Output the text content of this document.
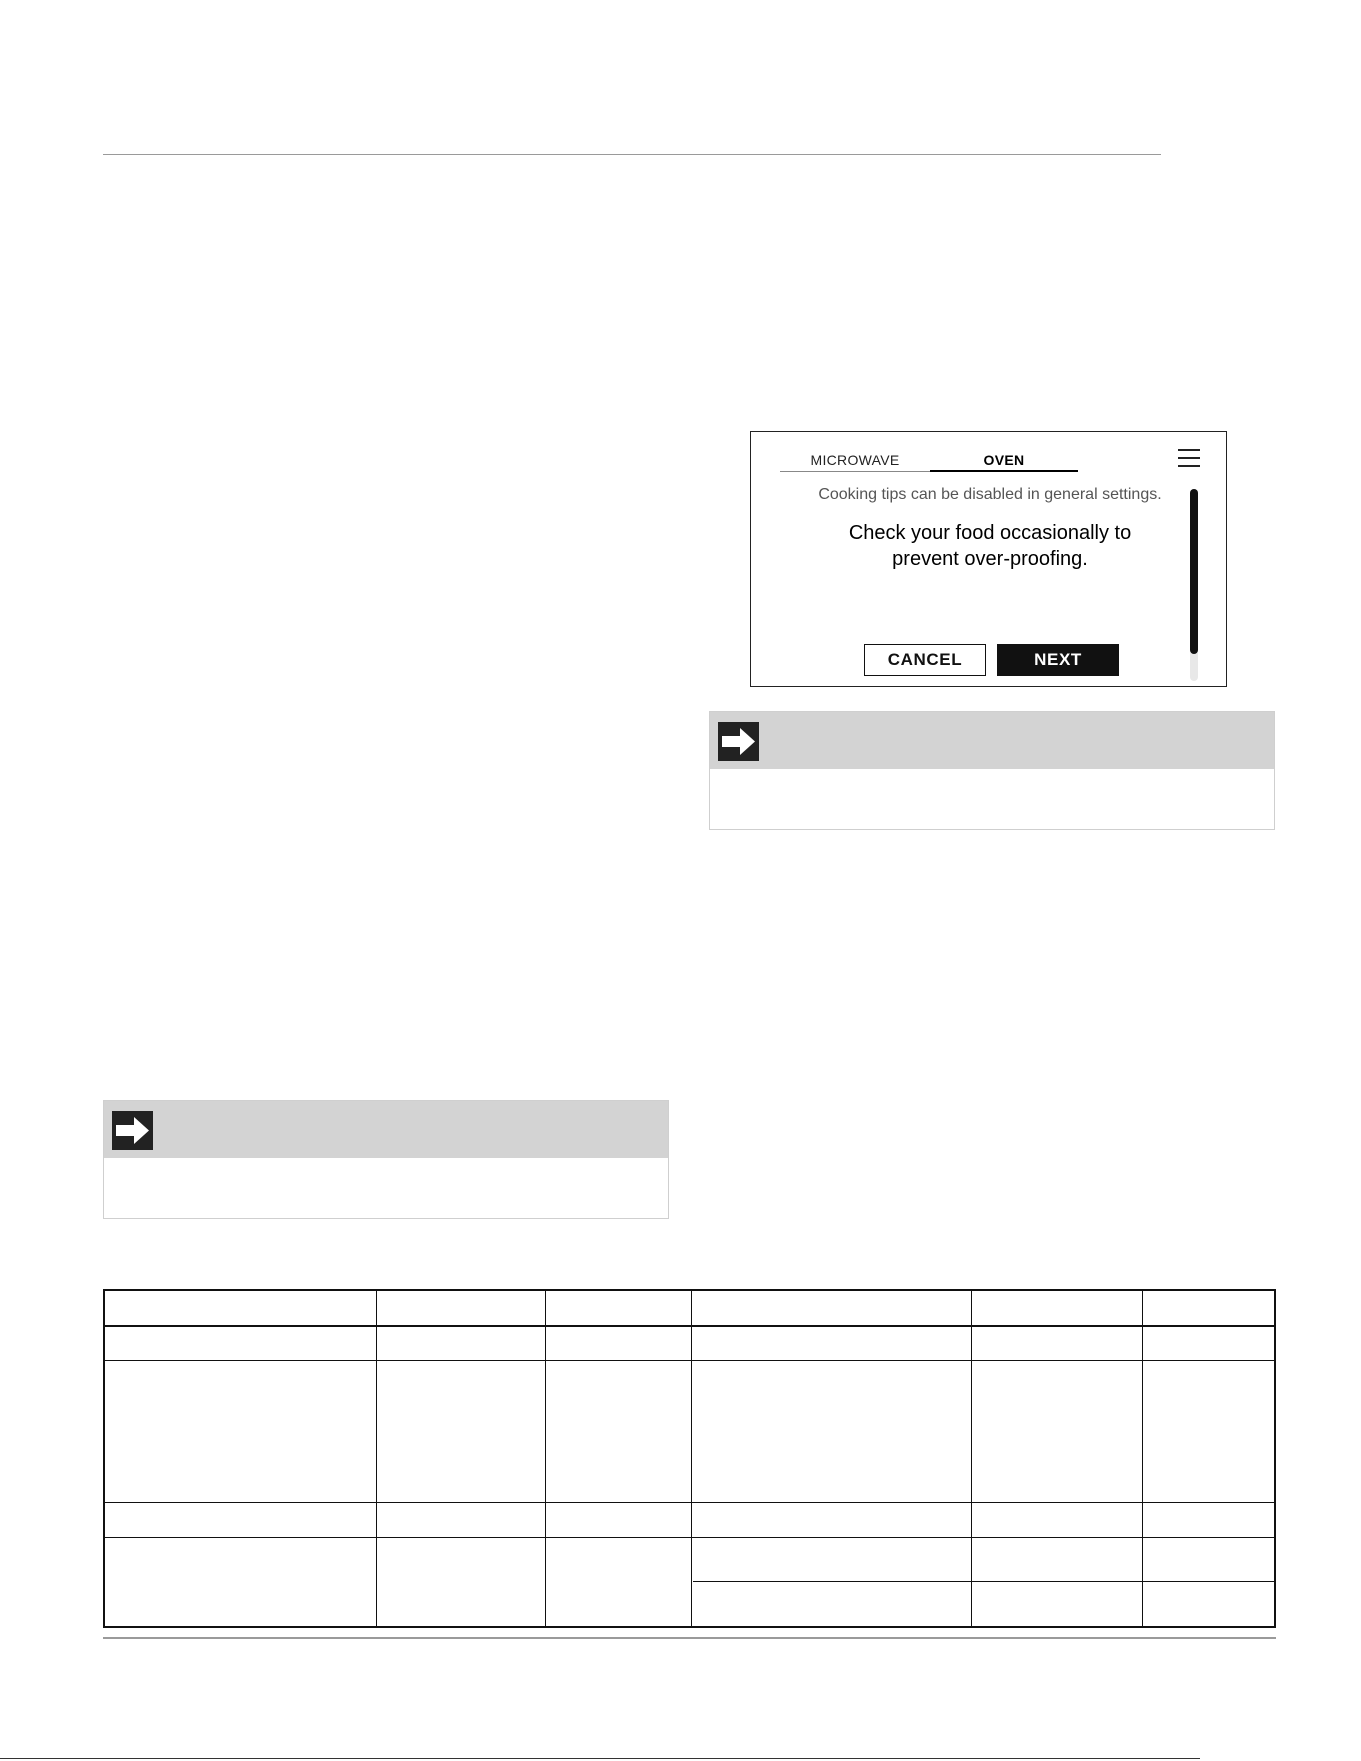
MICROWAVE	OVEN
Cooking tips can be disabled in general settings.
Check your food occasionally to
prevent over-proofing.
CANCEL	NEXT
